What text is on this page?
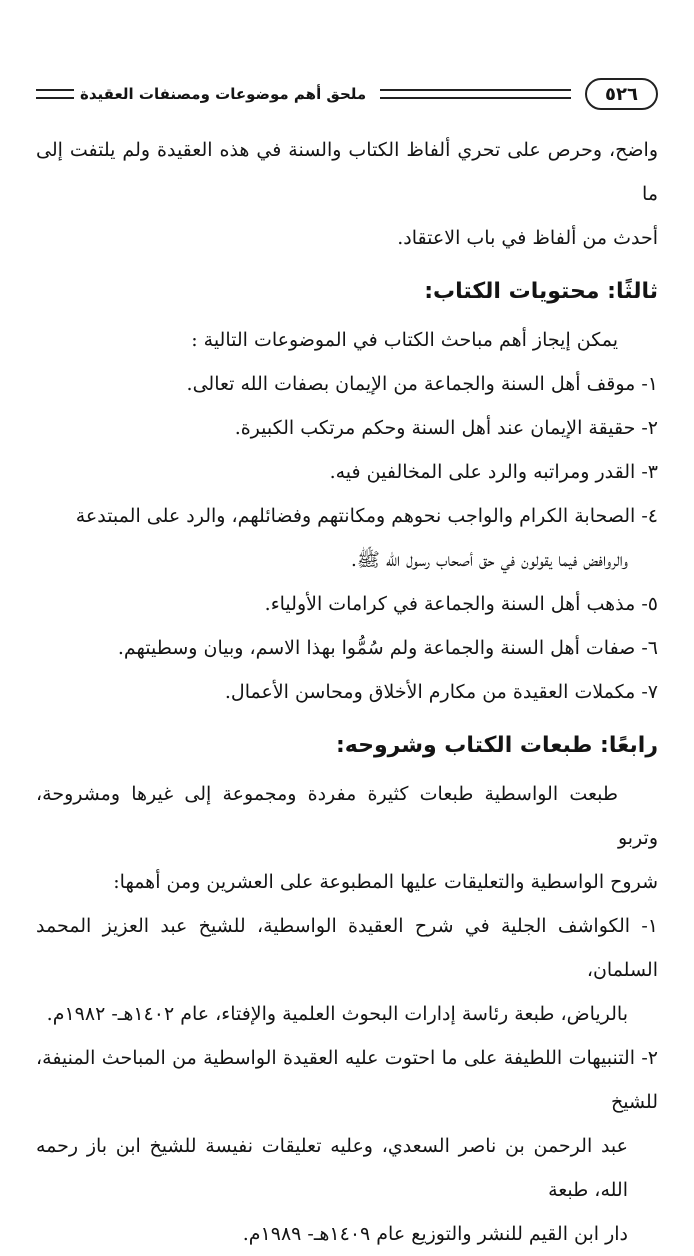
٥٢٦
ملحق أهم موضوعات ومصنفات العقيدة

واضح، وحرص على تحري ألفاظ الكتاب والسنة في هذه العقيدة ولم يلتفت إلى ما

أحدث من ألفاظ في باب الاعتقاد.

ثالثًا: محتويات الكتاب:

يمكن إيجاز أهم مباحث الكتاب في الموضوعات التالية :

١- موقف أهل السنة والجماعة من الإيمان بصفات الله تعالى.
٢- حقيقة الإيمان عند أهل السنة وحكم مرتكب الكبيرة.
٣- القدر ومراتبه والرد على المخالفين فيه.
٤- الصحابة الكرام والواجب نحوهم ومكانتهم وفضائلهم، والرد على المبتدعة
والروافض فيما يقولون في حق أصحاب رسول الله ﷺ.
٥- مذهب أهل السنة والجماعة في كرامات الأولياء.
٦- صفات أهل السنة والجماعة ولم سُمُّوا بهذا الاسم، وبيان وسطيتهم.
٧- مكملات العقيدة من مكارم الأخلاق ومحاسن الأعمال.
رابعًا: طبعات الكتاب وشروحه:

طبعت الواسطية طبعات كثيرة مفردة ومجموعة إلى غيرها ومشروحة، وتربو

شروح الواسطية والتعليقات عليها المطبوعة على العشرين ومن أهمها:

١- الكواشف الجلية في شرح العقيدة الواسطية، للشيخ عبد العزيز المحمد السلمان،
بالرياض، طبعة رئاسة إدارات البحوث العلمية والإفتاء، عام ١٤٠٢هـ- ١٩٨٢م.
٢- التنبيهات اللطيفة على ما احتوت عليه العقيدة الواسطية من المباحث المنيفة، للشيخ
عبد الرحمن بن ناصر السعدي، وعليه تعليقات نفيسة للشيخ ابن باز رحمه الله، طبعة
دار ابن القيم للنشر والتوزيع عام ١٤٠٩هـ- ١٩٨٩م.
